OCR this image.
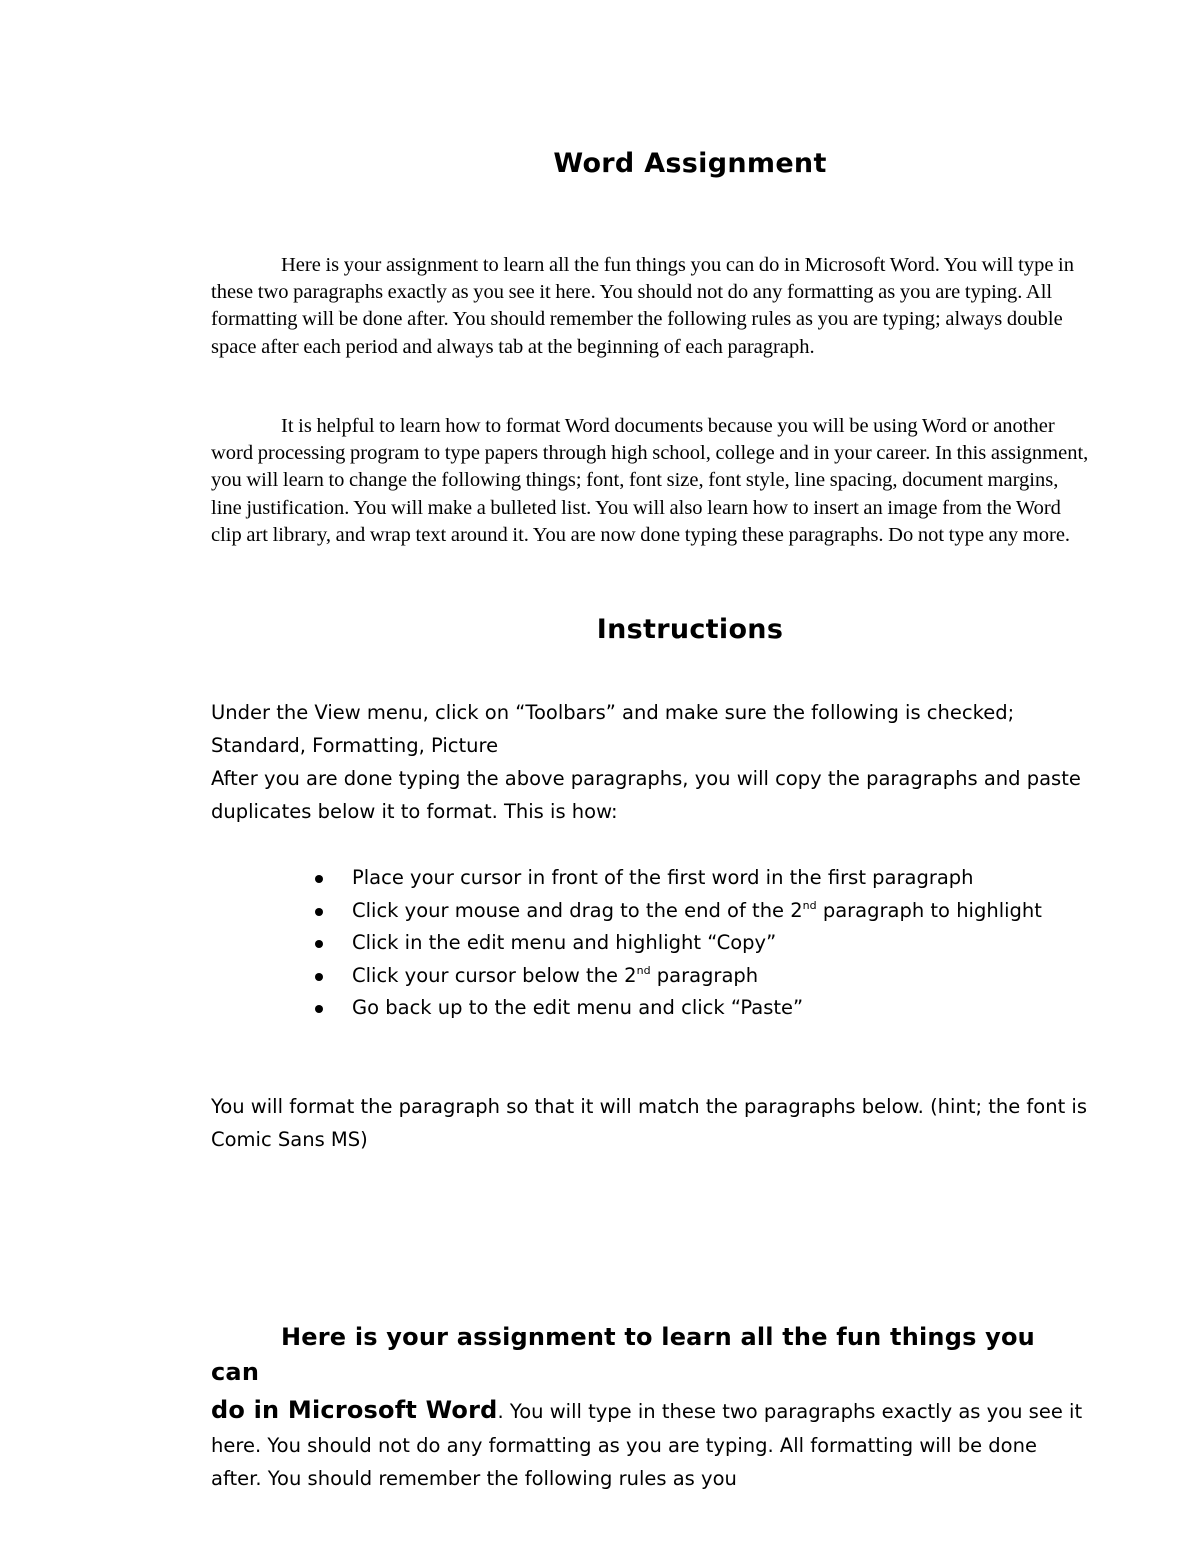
Word Assignment
Here is your assignment to learn all the fun things you can do in Microsoft Word. You will type in these two paragraphs exactly as you see it here. You should not do any formatting as you are typing. All formatting will be done after. You should remember the following rules as you are typing; always double space after each period and always tab at the beginning of each paragraph.
It is helpful to learn how to format Word documents because you will be using Word or another word processing program to type papers through high school, college and in your career. In this assignment, you will learn to change the following things; font, font size, font style, line spacing, document margins, line justification. You will make a bulleted list. You will also learn how to insert an image from the Word clip art library, and wrap text around it. You are now done typing these paragraphs. Do not type any more.
Instructions
Under the View menu, click on “Toolbars” and make sure the following is checked; Standard, Formatting, Picture
After you are done typing the above paragraphs, you will copy the paragraphs and paste duplicates below it to format. This is how:
Place your cursor in front of the first word in the first paragraph
Click your mouse and drag to the end of the 2nd paragraph to highlight
Click in the edit menu and highlight “Copy”
Click your cursor below the 2nd paragraph
Go back up to the edit menu and click “Paste”
You will format the paragraph so that it will match the paragraphs below. (hint; the font is Comic Sans MS)
Here is your assignment to learn all the fun things you can
do in Microsoft Word. You will type in these two paragraphs exactly as you see it here. You should not do any formatting as you are typing. All formatting will be done after. You should remember the following rules as you
